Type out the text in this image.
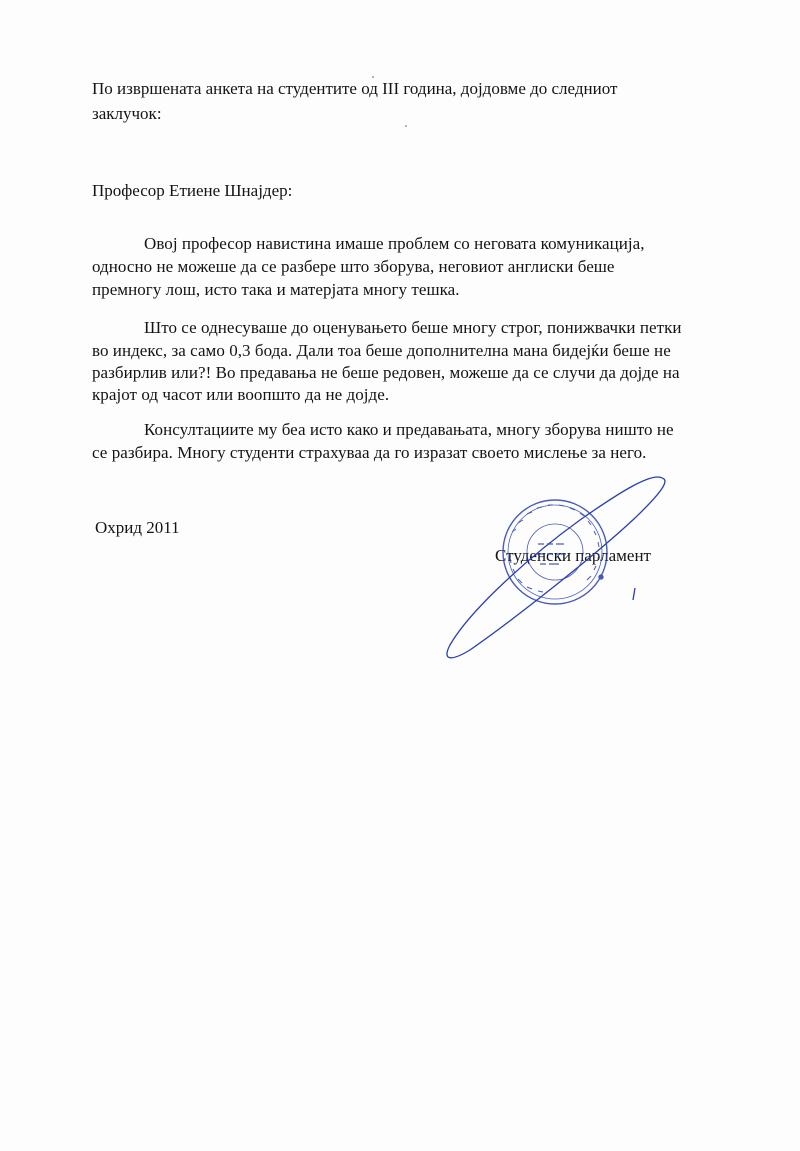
По извршената анкета на студентите од III година, дојдовме до следниот
заклучок:
Професор Етиене Шнајдер:
Овој професор навистина имаше проблем со неговата комуникација,
односно не можеше да се разбере што зборува, неговиот англиски беше
премногу лош, исто така и матерјата многу тешка.
Што се однесуваше до оценувањето беше многу строг, понижвачки петки
во индекс, за само 0,3 бода. Дали тоа беше дополнителна мана бидејќи беше не
разбирлив или?! Во предавања не беше редовен, можеше да се случи да дојде на
крајот од часот или воопшто да не дојде.
Консултациите му беа исто како и предавањата, многу зборува ништо не
се разбира. Многу студенти страхуваа да го изразат своето мислење за него.
Охрид 2011
Студенски парламент
